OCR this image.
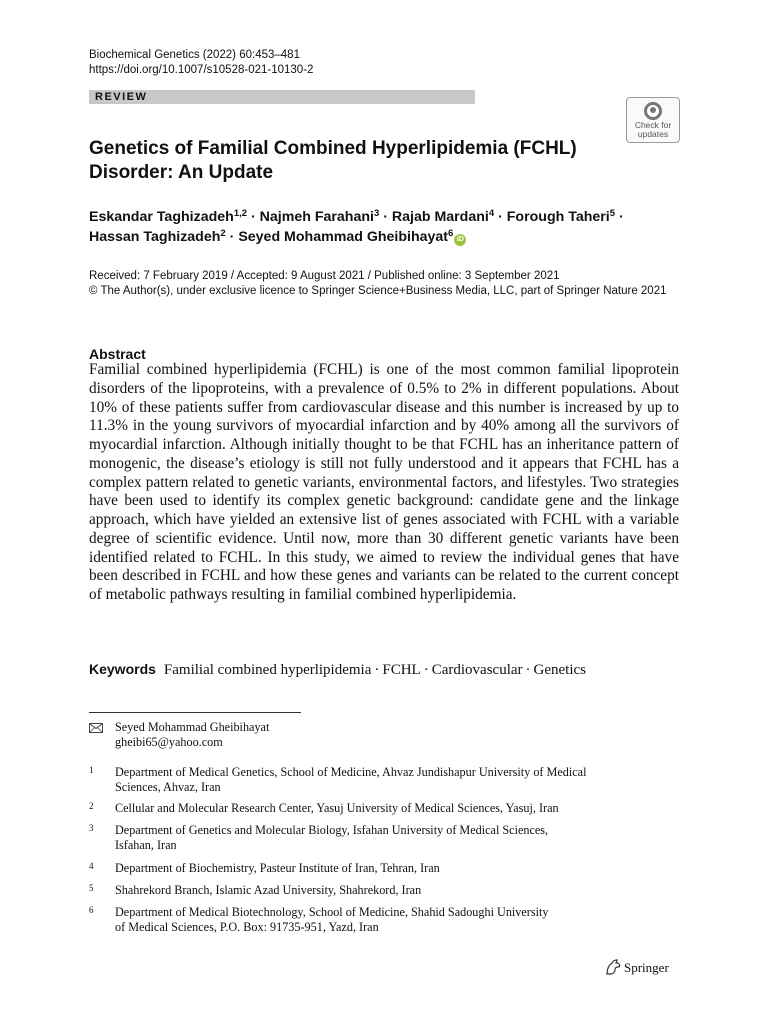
Biochemical Genetics (2022) 60:453–481
https://doi.org/10.1007/s10528-021-10130-2
REVIEW
Check for
updates
Genetics of Familial Combined Hyperlipidemia (FCHL)
Disorder: An Update
Eskandar Taghizadeh$^{1,2}$ · Najmeh Farahani$^3$ · Rajab Mardani$^4$ · Forough Taheri$^5$ ·
Hassan Taghizadeh$^2$ · Seyed Mohammad Gheibihayat$^6$iD
Received: 7 February 2019 / Accepted: 9 August 2021 / Published online: 3 September 2021
© The Author(s), under exclusive licence to Springer Science+Business Media, LLC, part of Springer Nature 2021
Abstract
Familial combined hyperlipidemia (FCHL) is one of the most common familial lipoprotein disorders of the lipoproteins, with a prevalence of 0.5% to 2% in different populations. About 10% of these patients suffer from cardiovascular disease and this number is increased by up to 11.3% in the young survivors of myocardial infarction and by 40% among all the survivors of myocardial infarction. Although initially thought to be that FCHL has an inheritance pattern of monogenic, the disease’s etiology is still not fully understood and it appears that FCHL has a complex pattern related to genetic variants, environmental factors, and lifestyles. Two strategies have been used to identify its complex genetic background: candidate gene and the linkage approach, which have yielded an extensive list of genes associated with FCHL with a variable degree of scientific evidence. Until now, more than 30 different genetic variants have been identified related to FCHL. In this study, we aimed to review the individual genes that have been described in FCHL and how these genes and variants can be related to the current concept of metabolic pathways resulting in familial combined hyperlipidemia.
Keywords Familial combined hyperlipidemia · FCHL · Cardiovascular · Genetics
Seyed Mohammad Gheibihayat
gheibi65@yahoo.com
1 Department of Medical Genetics, School of Medicine, Ahvaz Jundishapur University of Medical
Sciences, Ahvaz, Iran
2 Cellular and Molecular Research Center, Yasuj University of Medical Sciences, Yasuj, Iran
3 Department of Genetics and Molecular Biology, Isfahan University of Medical Sciences,
Isfahan, Iran
4 Department of Biochemistry, Pasteur Institute of Iran, Tehran, Iran
5 Shahrekord Branch, Islamic Azad University, Shahrekord, Iran
6 Department of Medical Biotechnology, School of Medicine, Shahid Sadoughi University
of Medical Sciences, P.O. Box: 91735-951, Yazd, Iran
Springer
